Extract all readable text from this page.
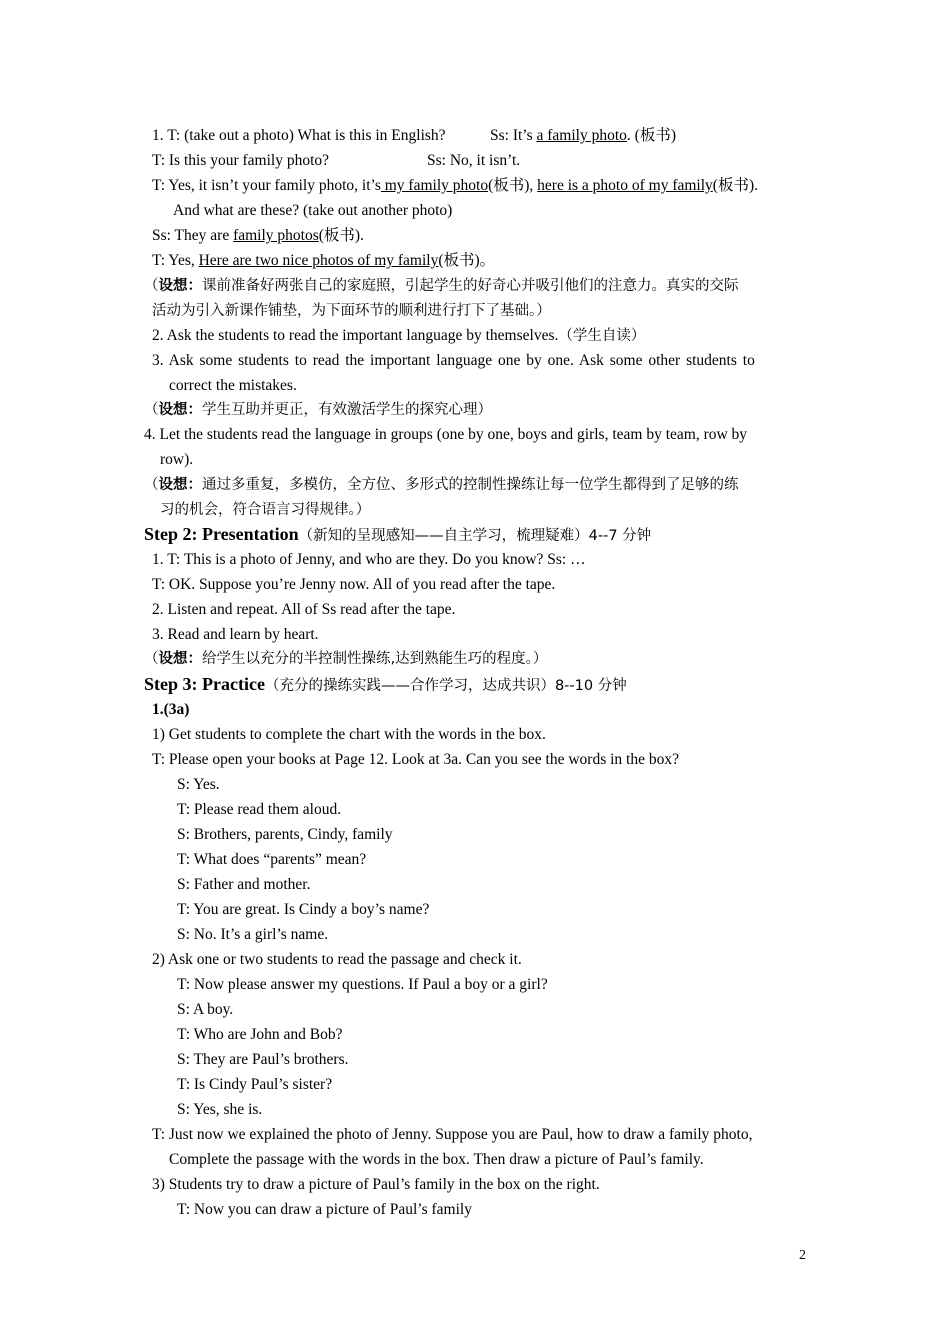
1. T: (take out a photo) What is this in English?	Ss: It’s a family photo. (板书)
T: Is this your family photo?	Ss: No, it isn’t.
T: Yes, it isn’t your family photo, it’s my family photo(板书), here is a photo of my family(板书).
And what are these? (take out another photo)
Ss: They are family photos(板书).
T: Yes, Here are two nice photos of my family(板书)。
（设想：课前准备好两张自己的家庭照，引起学生的好奇心并吸引他们的注意力。真实的交际
活动为引入新课作铺垫，为下面环节的顺利进行打下了基础。）
2. Ask the students to read the important language by themselves.（学生自读）
3. Ask some students to read the important language one by one. Ask some other students to
correct the mistakes.
（设想：学生互助并更正，有效激活学生的探究心理）
4. Let the students read the language in groups (one by one, boys and girls, team by team, row by
row).
（设想：通过多重复，多模仿，全方位、多形式的控制性操练让每一位学生都得到了足够的练
习的机会，符合语言习得规律。）
Step 2: Presentation（新知的呈现感知——自主学习，梳理疑难）4--7 分钟
1. T: This is a photo of Jenny, and who are they. Do you know? Ss: …
T: OK. Suppose you’re Jenny now. All of you read after the tape.
2. Listen and repeat. All of Ss read after the tape.
3. Read and learn by heart.
（设想：给学生以充分的半控制性操练,达到熟能生巧的程度。）
Step 3: Practice（充分的操练实践——合作学习，达成共识）8--10 分钟
1.(3a)
1) Get students to complete the chart with the words in the box.
T: Please open your books at Page 12. Look at 3a. Can you see the words in the box?
S: Yes.
T: Please read them aloud.
S: Brothers, parents, Cindy, family
T: What does “parents” mean?
S: Father and mother.
T: You are great. Is Cindy a boy’s name?
S: No. It’s a girl’s name.
2) Ask one or two students to read the passage and check it.
T: Now please answer my questions. If Paul a boy or a girl?
S: A boy.
T: Who are John and Bob?
S: They are Paul’s brothers.
T: Is Cindy Paul’s sister?
S: Yes, she is.
T: Just now we explained the photo of Jenny. Suppose you are Paul, how to draw a family photo,
Complete the passage with the words in the box. Then draw a picture of Paul’s family.
3) Students try to draw a picture of Paul’s family in the box on the right.
T: Now you can draw a picture of Paul’s family
2
